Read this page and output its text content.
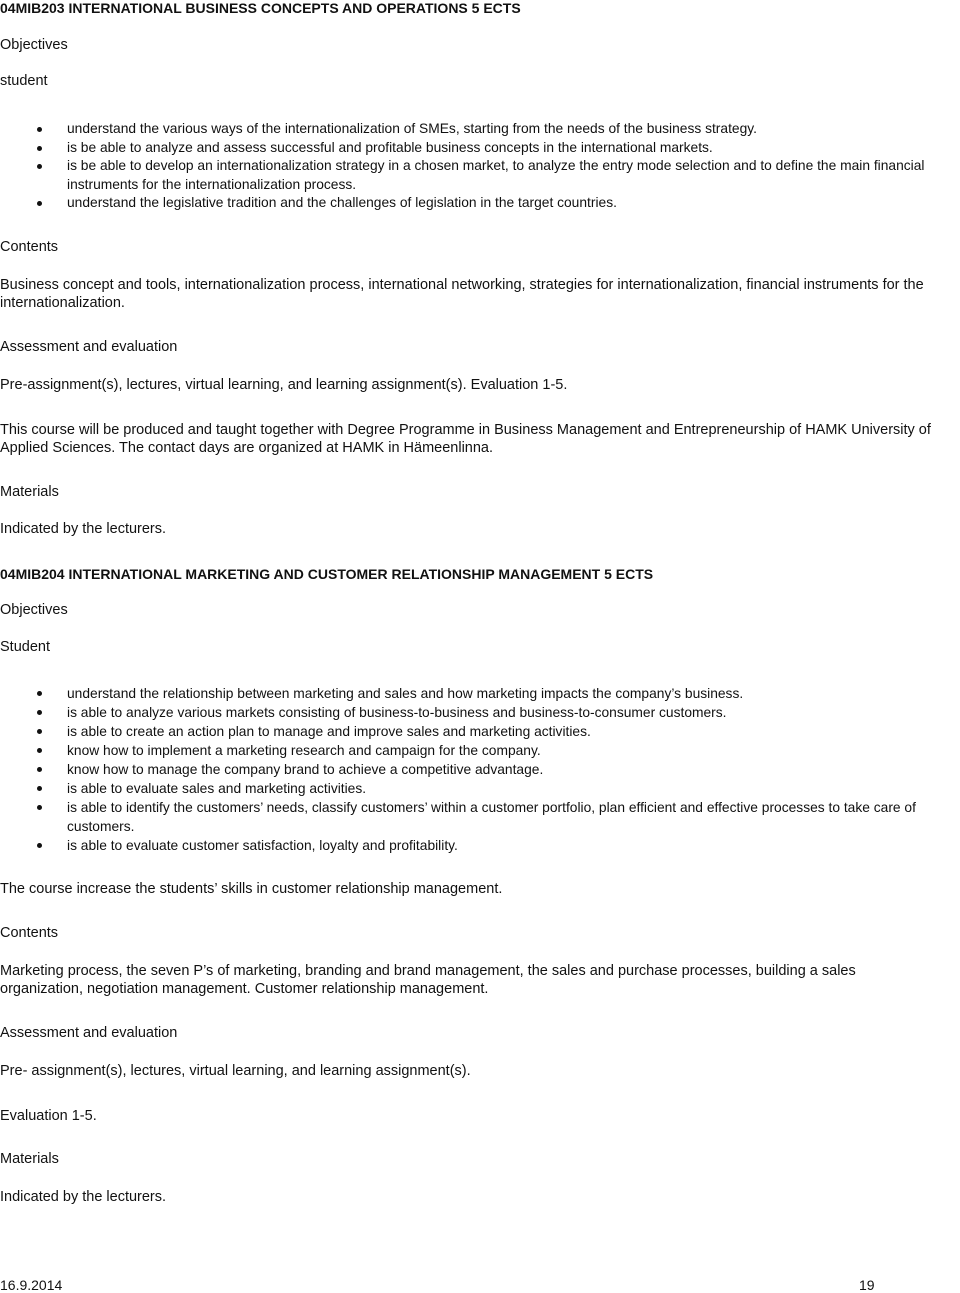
04MIB203 INTERNATIONAL BUSINESS CONCEPTS AND OPERATIONS 5 ECTS
Objectives
student
understand the various ways of the internationalization of SMEs, starting from the needs of the business strategy.
is be able to analyze and assess successful and profitable business concepts in the international markets.
is be able to develop an internationalization strategy in a chosen market, to analyze the entry mode selection and to define the main financial instruments for the internationalization process.
understand the legislative tradition and the challenges of legislation in the target countries.
Contents
Business concept and tools, internationalization process, international networking, strategies for internationalization, financial instruments for the internationalization.
Assessment and evaluation
Pre-assignment(s), lectures, virtual learning, and learning assignment(s). Evaluation 1-5.
This course will be produced and taught together with Degree Programme in Business Management and Entrepreneurship of HAMK University of Applied Sciences. The contact days are organized at HAMK in Hämeenlinna.
Materials
Indicated by the lecturers.
04MIB204 INTERNATIONAL MARKETING AND CUSTOMER RELATIONSHIP MANAGEMENT 5 ECTS
Objectives
Student
understand the relationship between marketing and sales and how marketing impacts the company’s business.
is able to analyze various markets consisting of business-to-business and business-to-consumer customers.
is able to create an action plan to manage and improve sales and marketing activities.
know how to implement a marketing research and campaign for the company.
know how to manage the company brand to achieve a competitive advantage.
is able to evaluate sales and marketing activities.
is able to identify the customers’ needs, classify customers’ within a customer portfolio, plan efficient and effective processes to take care of customers.
is able to evaluate customer satisfaction, loyalty and profitability.
The course increase the students’ skills in customer relationship management.
Contents
Marketing process, the seven P’s of marketing, branding and brand management, the sales and purchase processes, building a sales organization, negotiation management. Customer relationship management.
Assessment and evaluation
Pre- assignment(s), lectures, virtual learning, and learning assignment(s).
Evaluation 1-5.
Materials
Indicated by the lecturers.
16.9.2014	19
